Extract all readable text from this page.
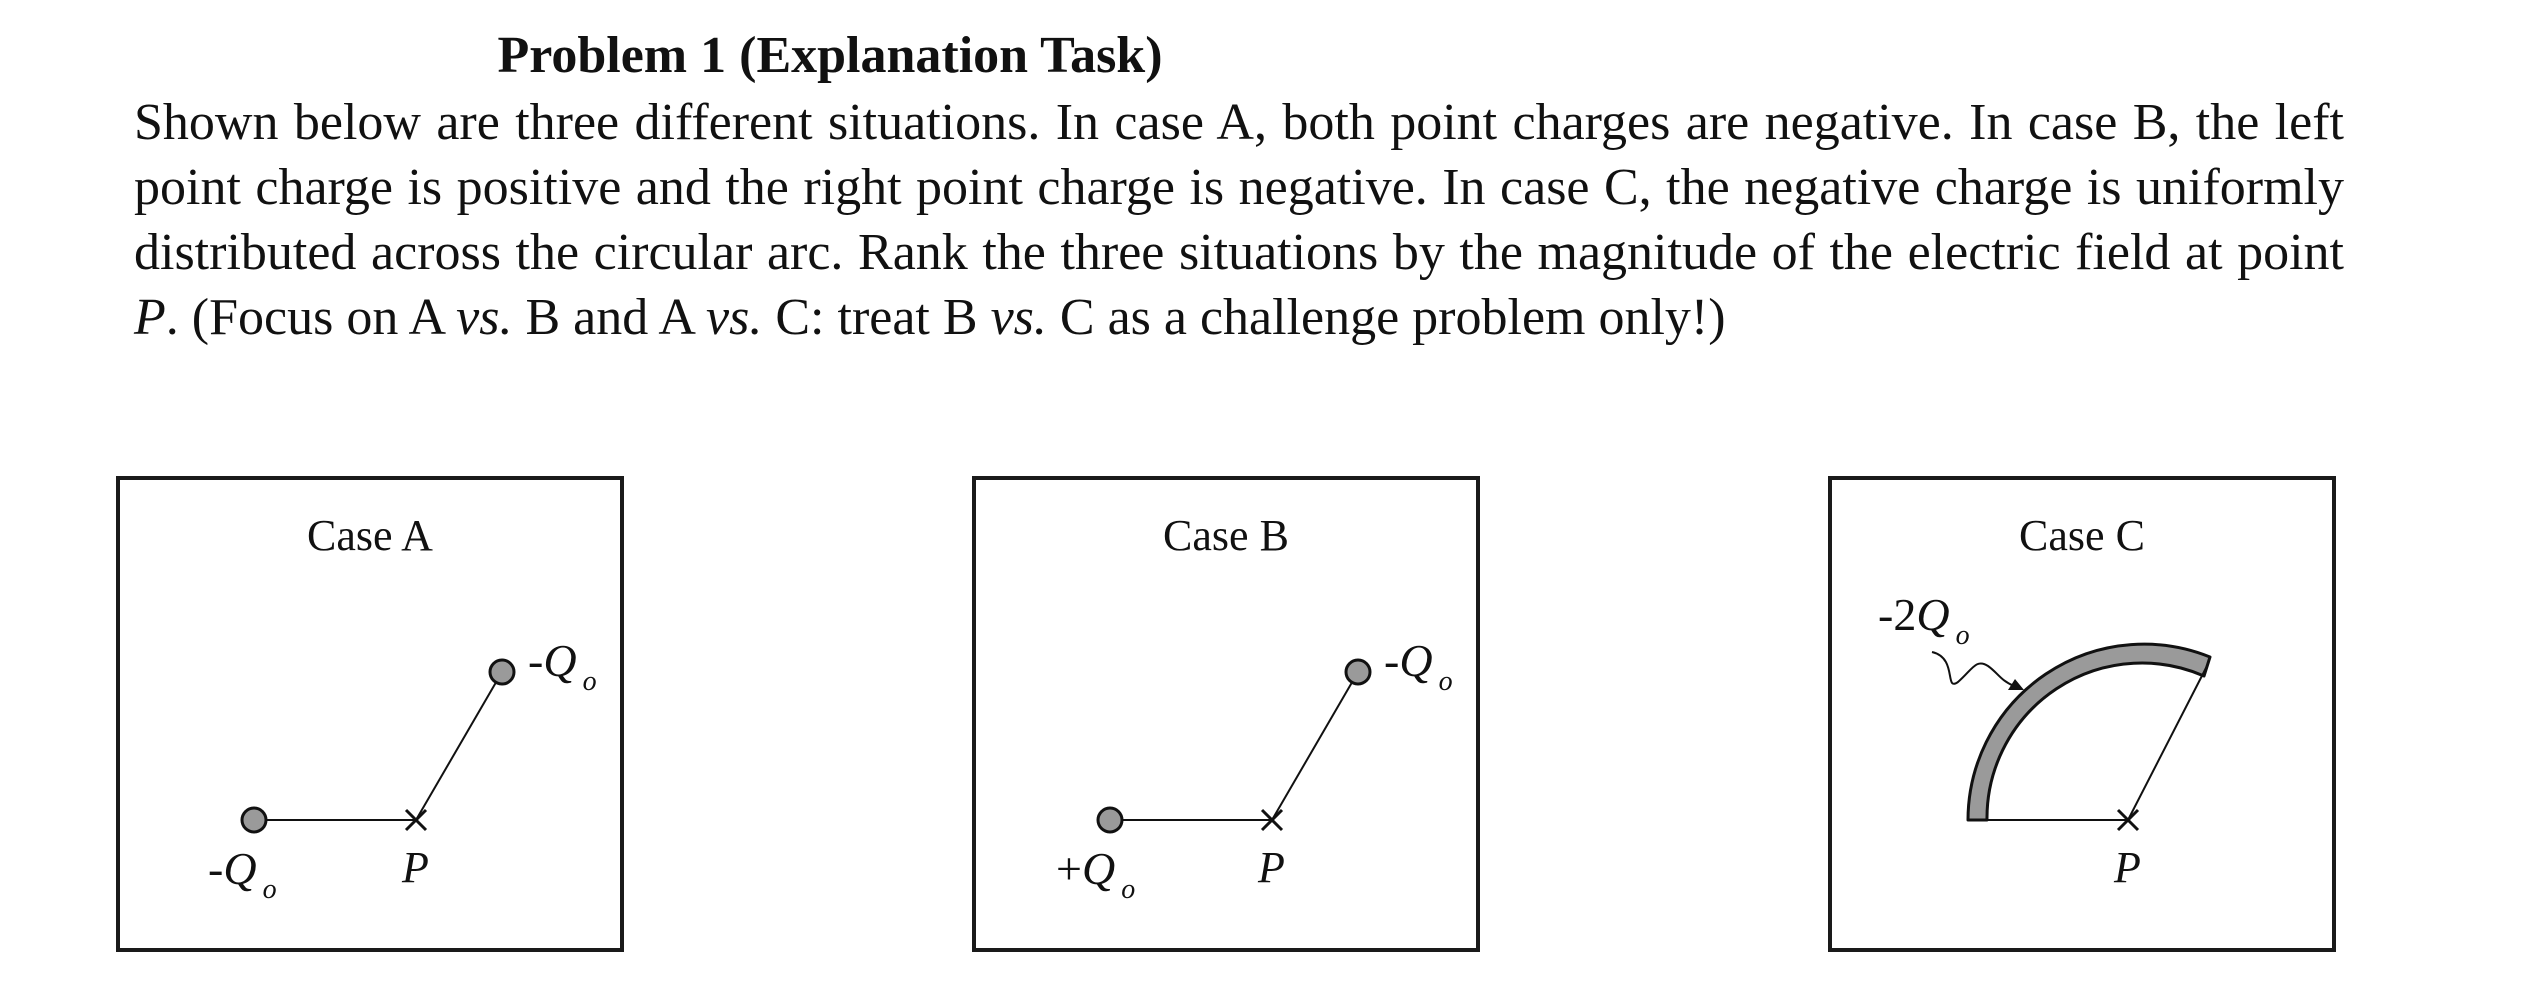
Problem 1 (Explanation Task)

Shown below are three different situations. In case A, both point charges are negative. In case B, the left point charge is positive and the right point charge is negative. In case C, the negative charge is uniformly distributed across the circular arc. Rank the three situations by the magnitude of the electric field at point P. (Focus on A vs. B and A vs. C: treat B vs. C as a challenge problem only!)

Case A
-Q $_o$
-Q $_o$
P
Case B
+Q $_o$
-Q $_o$
P
Case C
-2Q $_o$
P
